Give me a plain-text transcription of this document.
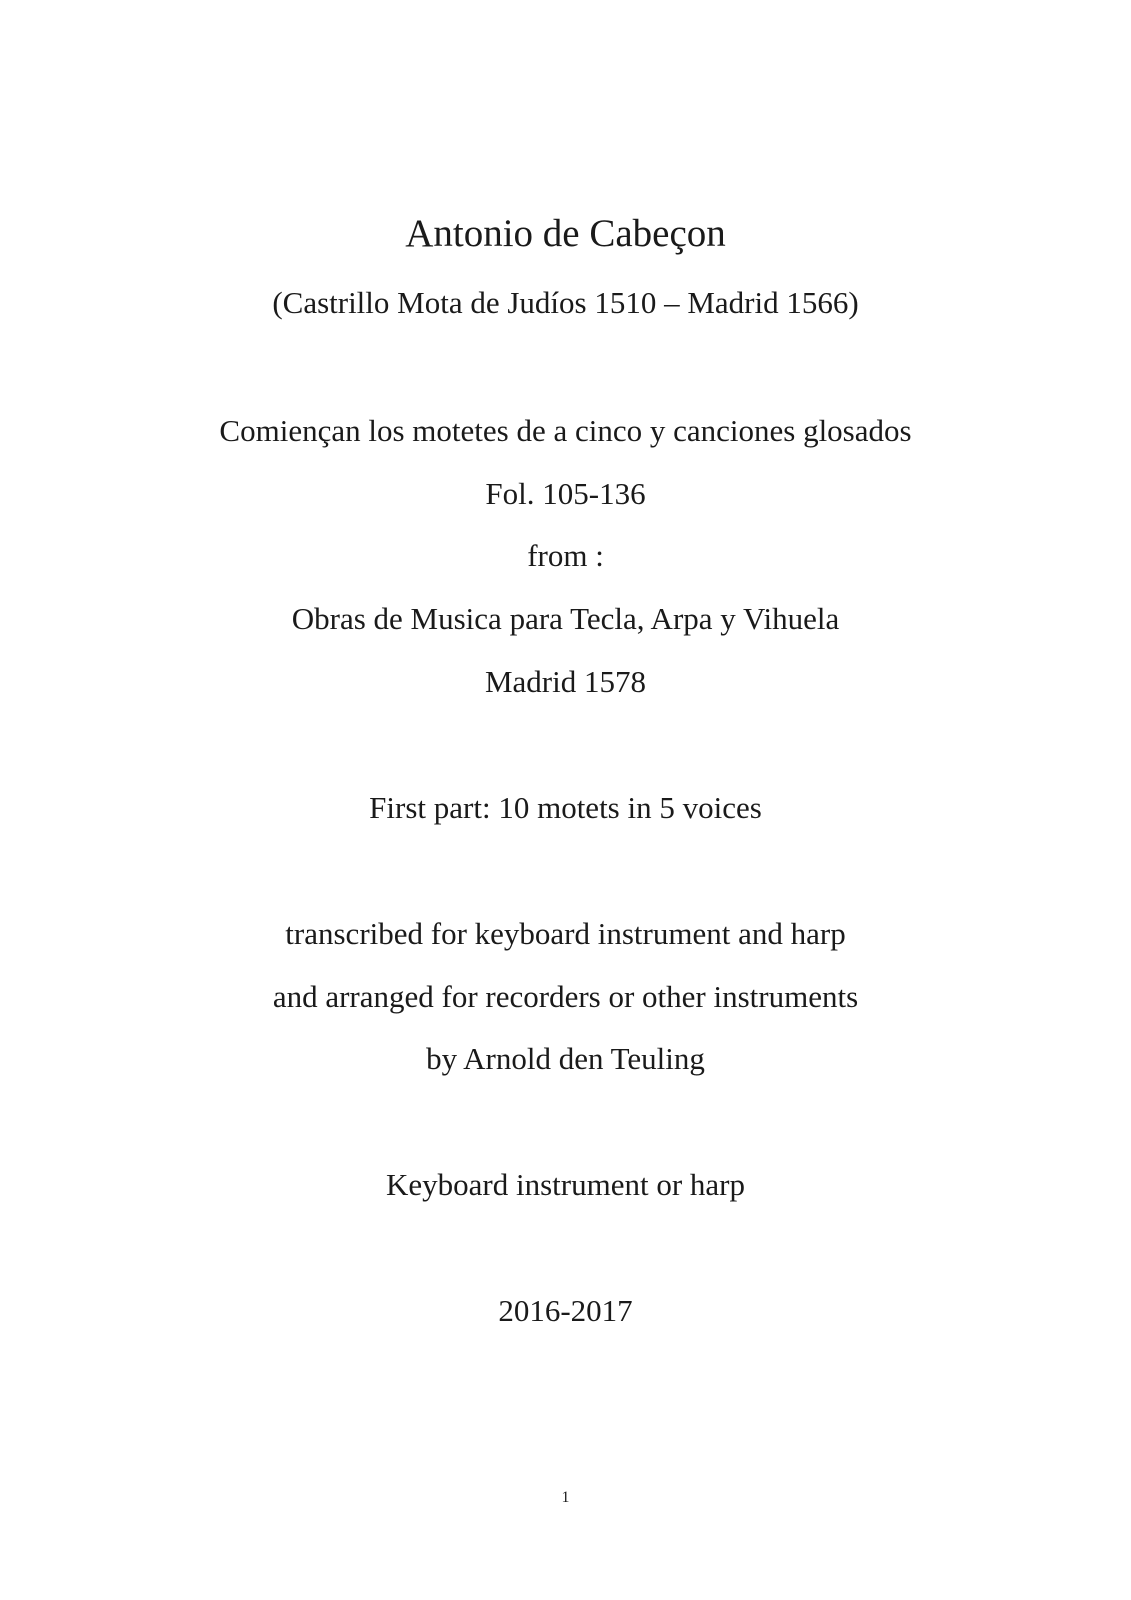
Antonio de Cabeçon
(Castrillo Mota de Judíos 1510 – Madrid 1566)
Comiençan los motetes de a cinco y canciones glosados
Fol. 105-136
from :
Obras de Musica para Tecla, Arpa y Vihuela
Madrid 1578
First part: 10 motets in 5 voices
transcribed for keyboard instrument and harp
and arranged for recorders or other instruments
by Arnold den Teuling
Keyboard instrument or harp
2016-2017
1
